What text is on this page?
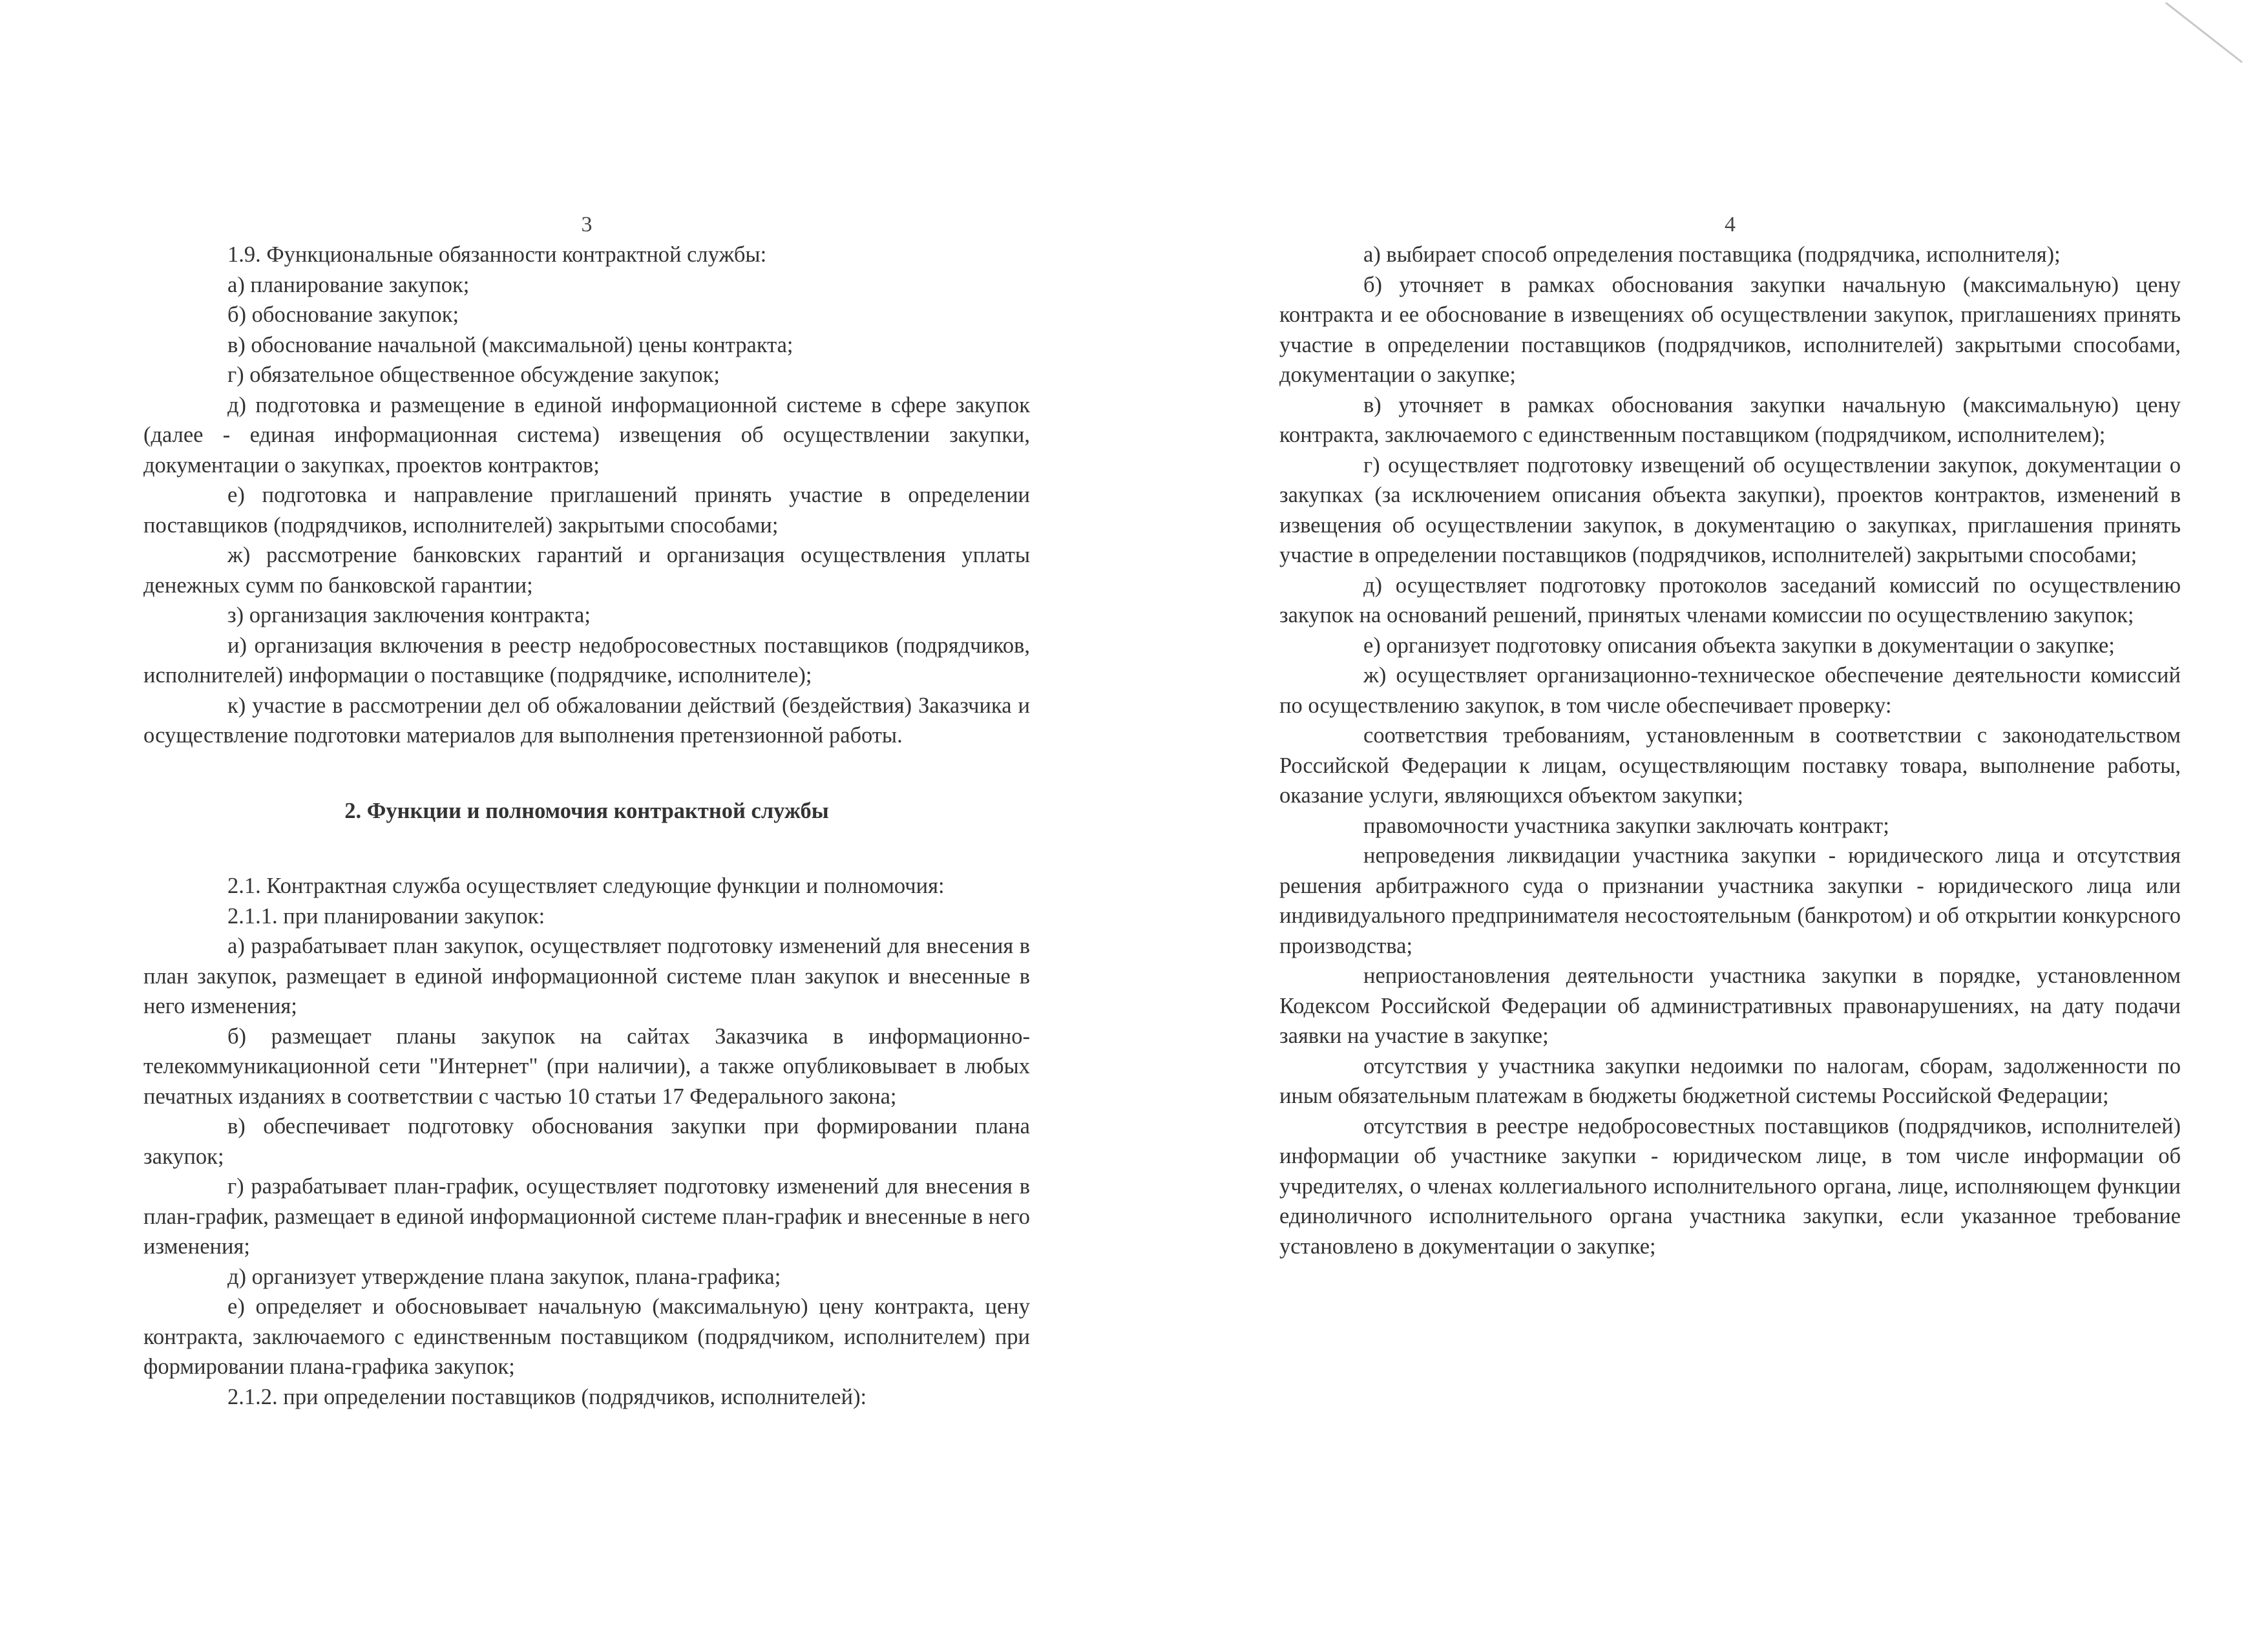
3

1.9. Функциональные обязанности контрактной службы:

а) планирование закупок;

б) обоснование закупок;

в) обоснование начальной (максимальной) цены контракта;

г) обязательное общественное обсуждение закупок;

д) подготовка и размещение в единой информационной системе в сфере закупок (далее - единая информационная система) извещения об осуществлении закупки, документации о закупках, проектов контрактов;

е) подготовка и направление приглашений принять участие в определении поставщиков (подрядчиков, исполнителей) закрытыми способами;

ж) рассмотрение банковских гарантий и организация осуществления уплаты денежных сумм по банковской гарантии;

з) организация заключения контракта;

и) организация включения в реестр недобросовестных поставщиков (подрядчиков, исполнителей) информации о поставщике (подрядчике, исполнителе);

к) участие в рассмотрении дел об обжаловании действий (бездействия) Заказчика и осуществление подготовки материалов для выполнения претензионной работы.

2. Функции и полномочия контрактной службы

2.1. Контрактная служба осуществляет следующие функции и полномочия:

2.1.1. при планировании закупок:

а) разрабатывает план закупок, осуществляет подготовку изменений для внесения в план закупок, размещает в единой информационной системе план закупок и внесенные в него изменения;

б) размещает планы закупок на сайтах Заказчика в информационно-телекоммуникационной сети "Интернет" (при наличии), а также опубликовывает в любых печатных изданиях в соответствии с частью 10 статьи 17 Федерального закона;

в) обеспечивает подготовку обоснования закупки при формировании плана закупок;

г) разрабатывает план-график, осуществляет подготовку изменений для внесения в план-график, размещает в единой информационной системе план-график и внесенные в него изменения;

д) организует утверждение плана закупок, плана-графика;

е) определяет и обосновывает начальную (максимальную) цену контракта, цену контракта, заключаемого с единственным поставщиком (подрядчиком, исполнителем) при формировании плана-графика закупок;

2.1.2. при определении поставщиков (подрядчиков, исполнителей):

4

а) выбирает способ определения поставщика (подрядчика, исполнителя);

б) уточняет в рамках обоснования закупки начальную (максимальную) цену контракта и ее обоснование в извещениях об осуществлении закупок, приглашениях принять участие в определении поставщиков (подрядчиков, исполнителей) закрытыми способами, документации о закупке;

в) уточняет в рамках обоснования закупки начальную (максимальную) цену контракта, заключаемого с единственным поставщиком (подрядчиком, исполнителем);

г) осуществляет подготовку извещений об осуществлении закупок, документации о закупках (за исключением описания объекта закупки), проектов контрактов, изменений в извещения об осуществлении закупок, в документацию о закупках, приглашения принять участие в определении поставщиков (подрядчиков, исполнителей) закрытыми способами;

д) осуществляет подготовку протоколов заседаний комиссий по осуществлению закупок на оснований решений, принятых членами комиссии по осуществлению закупок;

е) организует подготовку описания объекта закупки в документации о закупке;

ж) осуществляет организационно-техническое обеспечение деятельности комиссий по осуществлению закупок, в том числе обеспечивает проверку:

соответствия требованиям, установленным в соответствии с законодательством Российской Федерации к лицам, осуществляющим поставку товара, выполнение работы, оказание услуги, являющихся объектом закупки;

правомочности участника закупки заключать контракт;

непроведения ликвидации участника закупки - юридического лица и отсутствия решения арбитражного суда о признании участника закупки - юридического лица или индивидуального предпринимателя несостоятельным (банкротом) и об открытии конкурсного производства;

неприостановления деятельности участника закупки в порядке, установленном Кодексом Российской Федерации об административных правонарушениях, на дату подачи заявки на участие в закупке;

отсутствия у участника закупки недоимки по налогам, сборам, задолженности по иным обязательным платежам в бюджеты бюджетной системы Российской Федерации;

отсутствия в реестре недобросовестных поставщиков (подрядчиков, исполнителей) информации об участнике закупки - юридическом лице, в том числе информации об учредителях, о членах коллегиального исполнительного органа, лице, исполняющем функции единоличного исполнительного органа участника закупки, если указанное требование установлено в документации о закупке;
